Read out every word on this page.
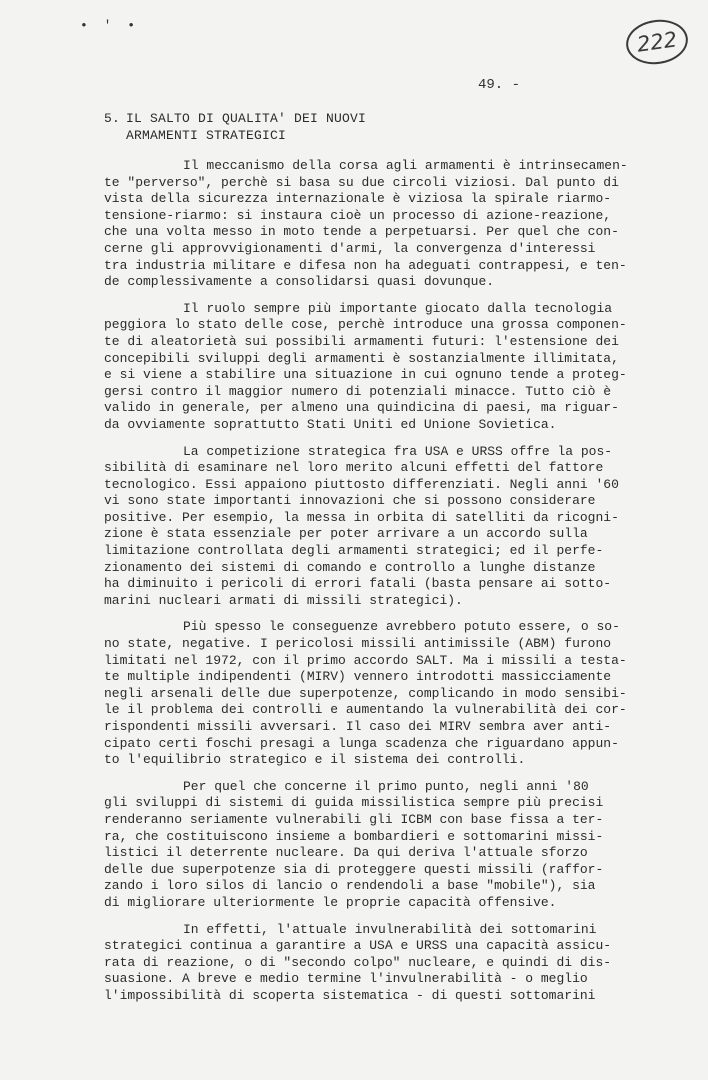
• ' •
222
49. -
5. IL SALTO DI QUALITA' DEI NUOVI
ARMAMENTI STRATEGICI
Il meccanismo della corsa agli armamenti è intrinsecamen-
te "perverso", perchè si basa su due circoli viziosi. Dal punto di
vista della sicurezza internazionale è viziosa la spirale riarmo-
tensione-riarmo: si instaura cioè un processo di azione-reazione,
che una volta messo in moto tende a perpetuarsi. Per quel che con-
cerne gli approvvigionamenti d'armi, la convergenza d'interessi
tra industria militare e difesa non ha adeguati contrappesi, e ten-
de complessivamente a consolidarsi quasi dovunque.
Il ruolo sempre più importante giocato dalla tecnologia
peggiora lo stato delle cose, perchè introduce una grossa componen-
te di aleatorietà sui possibili armamenti futuri: l'estensione dei
concepibili sviluppi degli armamenti è sostanzialmente illimitata,
e si viene a stabilire una situazione in cui ognuno tende a proteg-
gersi contro il maggior numero di potenziali minacce. Tutto ciò è
valido in generale, per almeno una quindicina di paesi, ma riguar-
da ovviamente soprattutto Stati Uniti ed Unione Sovietica.
La competizione strategica fra USA e URSS offre la pos-
sibilità di esaminare nel loro merito alcuni effetti del fattore
tecnologico. Essi appaiono piuttosto differenziati. Negli anni '60
vi sono state importanti innovazioni che si possono considerare
positive. Per esempio, la messa in orbita di satelliti da ricogni-
zione è stata essenziale per poter arrivare a un accordo sulla
limitazione controllata degli armamenti strategici; ed il perfe-
zionamento dei sistemi di comando e controllo a lunghe distanze
ha diminuito i pericoli di errori fatali (basta pensare ai sotto-
marini nucleari armati di missili strategici).
Più spesso le conseguenze avrebbero potuto essere, o so-
no state, negative. I pericolosi missili antimissile (ABM) furono
limitati nel 1972, con il primo accordo SALT. Ma i missili a testa-
te multiple indipendenti (MIRV) vennero introdotti massicciamente
negli arsenali delle due superpotenze, complicando in modo sensibi-
le il problema dei controlli e aumentando la vulnerabilità dei cor-
rispondenti missili avversari. Il caso dei MIRV sembra aver anti-
cipato certi foschi presagi a lunga scadenza che riguardano appun-
to l'equilibrio strategico e il sistema dei controlli.
Per quel che concerne il primo punto, negli anni '80
gli sviluppi di sistemi di guida missilistica sempre più precisi
renderanno seriamente vulnerabili gli ICBM con base fissa a ter-
ra, che costituiscono insieme a bombardieri e sottomarini missi-
listici il deterrente nucleare. Da qui deriva l'attuale sforzo
delle due superpotenze sia di proteggere questi missili (raffor-
zando i loro silos di lancio o rendendoli a base "mobile"), sia
di migliorare ulteriormente le proprie capacità offensive.
In effetti, l'attuale invulnerabilità dei sottomarini
strategici continua a garantire a USA e URSS una capacità assicu-
rata di reazione, o di "secondo colpo" nucleare, e quindi di dis-
suasione. A breve e medio termine l'invulnerabilità - o meglio
l'impossibilità di scoperta sistematica - di questi sottomarini
